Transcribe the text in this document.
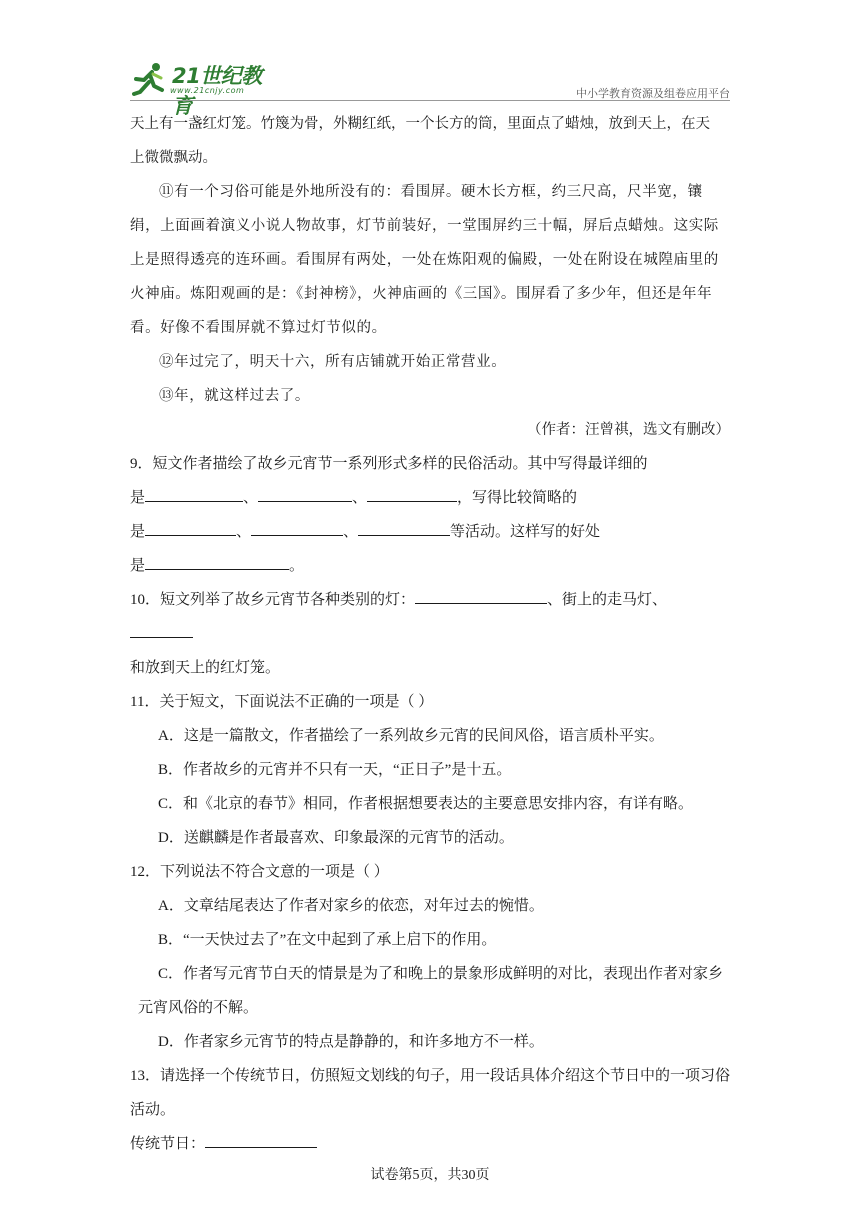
21世纪教育
www.21cnjy.com	中小学教育资源及组卷应用平台

天上有一盏红灯笼。竹篾为骨，外糊红纸，一个长方的筒，里面点了蜡烛，放到天上，在天

上微微飘动。

⑪有一个习俗可能是外地所没有的：看围屏。硬木长方框，约三尺高，尺半宽，镶绢，上面画着演义小说人物故事，灯节前装好，一堂围屏约三十幅，屏后点蜡烛。这实际上是照得透亮的连环画。看围屏有两处，一处在炼阳观的偏殿，一处在附设在城隍庙里的火神庙。炼阳观画的是：《封神榜》，火神庙画的《三国》。围屏看了多少年，但还是年年看。好像不看围屏就不算过灯节似的。

⑫年过完了，明天十六，所有店铺就开始正常营业。

⑬年，就这样过去了。

（作者：汪曾祺，选文有删改）

9．短文作者描绘了故乡元宵节一系列形式多样的民俗活动。其中写得最详细的

是	、	、	，写得比较简略的

是	、	、	等活动。这样写的好处

是	。

10．短文列举了故乡元宵节各种类别的灯：	、街上的走马灯、

和放到天上的红灯笼。

11．关于短文，下面说法不正确的一项是（ ）

A．这是一篇散文，作者描绘了一系列故乡元宵的民间风俗，语言质朴平实。

B．作者故乡的元宵并不只有一天，“正日子”是十五。

C．和《北京的春节》相同，作者根据想要表达的主要意思安排内容，有详有略。

D．送麒麟是作者最喜欢、印象最深的元宵节的活动。

12．下列说法不符合文意的一项是（ ）

A．文章结尾表达了作者对家乡的依恋，对年过去的惋惜。

B．“一天快过去了”在文中起到了承上启下的作用。

C．作者写元宵节白天的情景是为了和晚上的景象形成鲜明的对比，表现出作者对家乡

元宵风俗的不解。

D．作者家乡元宵节的特点是静静的，和许多地方不一样。

13．请选择一个传统节日，仿照短文划线的句子，用一段话具体介绍这个节日中的一项习俗

活动。

传统节日：

试卷第5页，共30页
